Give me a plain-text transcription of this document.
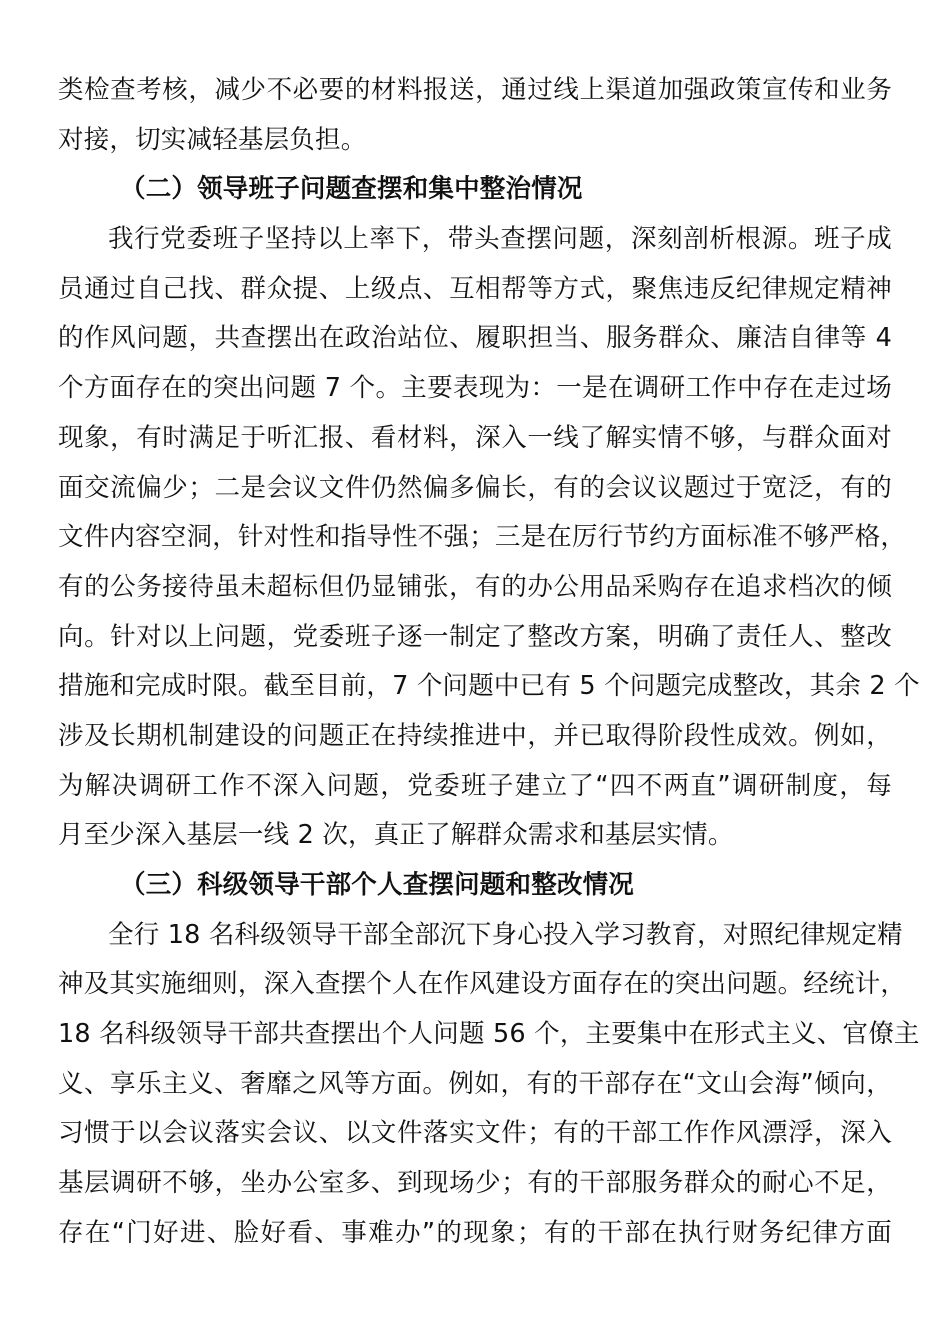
类检查考核，减少不必要的材料报送，通过线上渠道加强政策宣传和业务
对接，切实减轻基层负担。
（二）领导班子问题查摆和集中整治情况
我行党委班子坚持以上率下，带头查摆问题，深刻剖析根源。班子成
员通过自己找、群众提、上级点、互相帮等方式，聚焦违反纪律规定精神
的作风问题，共查摆出在政治站位、履职担当、服务群众、廉洁自律等 4
个方面存在的突出问题 7 个。主要表现为：一是在调研工作中存在走过场
现象，有时满足于听汇报、看材料，深入一线了解实情不够，与群众面对
面交流偏少；二是会议文件仍然偏多偏长，有的会议议题过于宽泛，有的
文件内容空洞，针对性和指导性不强；三是在厉行节约方面标准不够严格，
有的公务接待虽未超标但仍显铺张，有的办公用品采购存在追求档次的倾
向。针对以上问题，党委班子逐一制定了整改方案，明确了责任人、整改
措施和完成时限。截至目前，7 个问题中已有 5 个问题完成整改，其余 2 个
涉及长期机制建设的问题正在持续推进中，并已取得阶段性成效。例如，
为解决调研工作不深入问题，党委班子建立了“四不两直”调研制度，每
月至少深入基层一线 2 次，真正了解群众需求和基层实情。
（三）科级领导干部个人查摆问题和整改情况
全行 18 名科级领导干部全部沉下身心投入学习教育，对照纪律规定精
神及其实施细则，深入查摆个人在作风建设方面存在的突出问题。经统计，
18 名科级领导干部共查摆出个人问题 56 个，主要集中在形式主义、官僚主
义、享乐主义、奢靡之风等方面。例如，有的干部存在“文山会海”倾向，
习惯于以会议落实会议、以文件落实文件；有的干部工作作风漂浮，深入
基层调研不够，坐办公室多、到现场少；有的干部服务群众的耐心不足，
存在“门好进、脸好看、事难办”的现象；有的干部在执行财务纪律方面
